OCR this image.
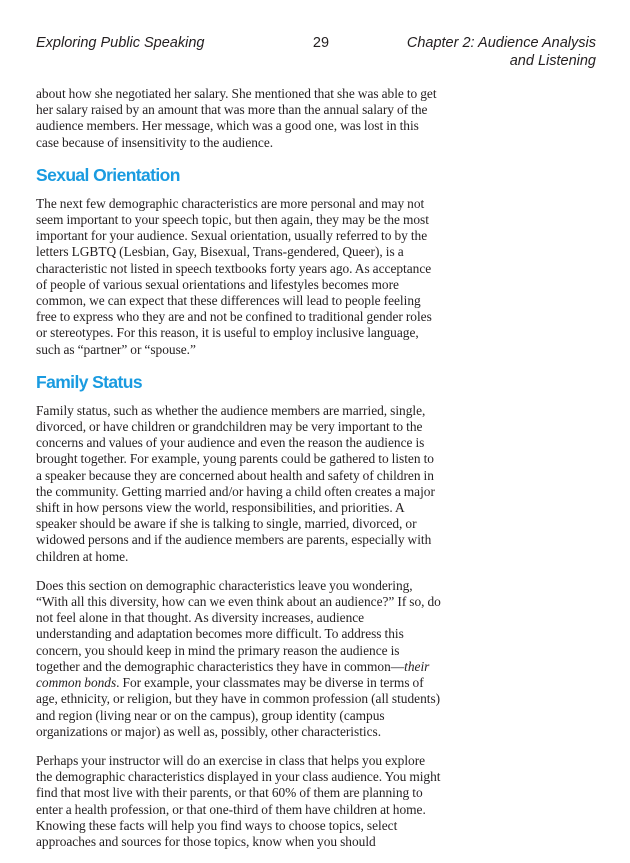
Exploring Public Speaking	29	Chapter 2: Audience Analysis and Listening

about how she negotiated her salary. She mentioned that she was able to get her salary raised by an amount that was more than the annual salary of the audience members. Her message, which was a good one, was lost in this case because of insensitivity to the audience.

Sexual Orientation

The next few demographic characteristics are more personal and may not seem important to your speech topic, but then again, they may be the most important for your audience. Sexual orientation, usually referred to by the letters LGBTQ (Lesbian, Gay, Bisexual, Trans-gendered, Queer), is a characteristic not listed in speech textbooks forty years ago. As acceptance of people of various sexual orientations and lifestyles becomes more common, we can expect that these differences will lead to people feeling free to express who they are and not be confined to traditional gender roles or stereotypes. For this reason, it is useful to employ inclusive language, such as “partner” or “spouse.”

Family Status

Family status, such as whether the audience members are married, single, divorced, or have children or grandchildren may be very important to the concerns and values of your audience and even the reason the audience is brought together. For example, young parents could be gathered to listen to a speaker because they are concerned about health and safety of children in the community. Getting married and/or having a child often creates a major shift in how persons view the world, responsibilities, and priorities. A speaker should be aware if she is talking to single, married, divorced, or widowed persons and if the audience members are parents, especially with children at home.

Does this section on demographic characteristics leave you wondering, “With all this diversity, how can we even think about an audience?” If so, do not feel alone in that thought. As diversity increases, audience understanding and adaptation becomes more difficult. To address this concern, you should keep in mind the primary reason the audience is together and the demographic characteristics they have in common—their common bonds. For example, your classmates may be diverse in terms of age, ethnicity, or religion, but they have in common profession (all students) and region (living near or on the campus), group identity (campus organizations or major) as well as, possibly, other characteristics.

Perhaps your instructor will do an exercise in class that helps you explore the demographic characteristics displayed in your class audience. You might find that most live with their parents, or that 60% of them are planning to enter a health profession, or that one-third of them have children at home. Knowing these facts will help you find ways to choose topics, select approaches and sources for those topics, know when you should
